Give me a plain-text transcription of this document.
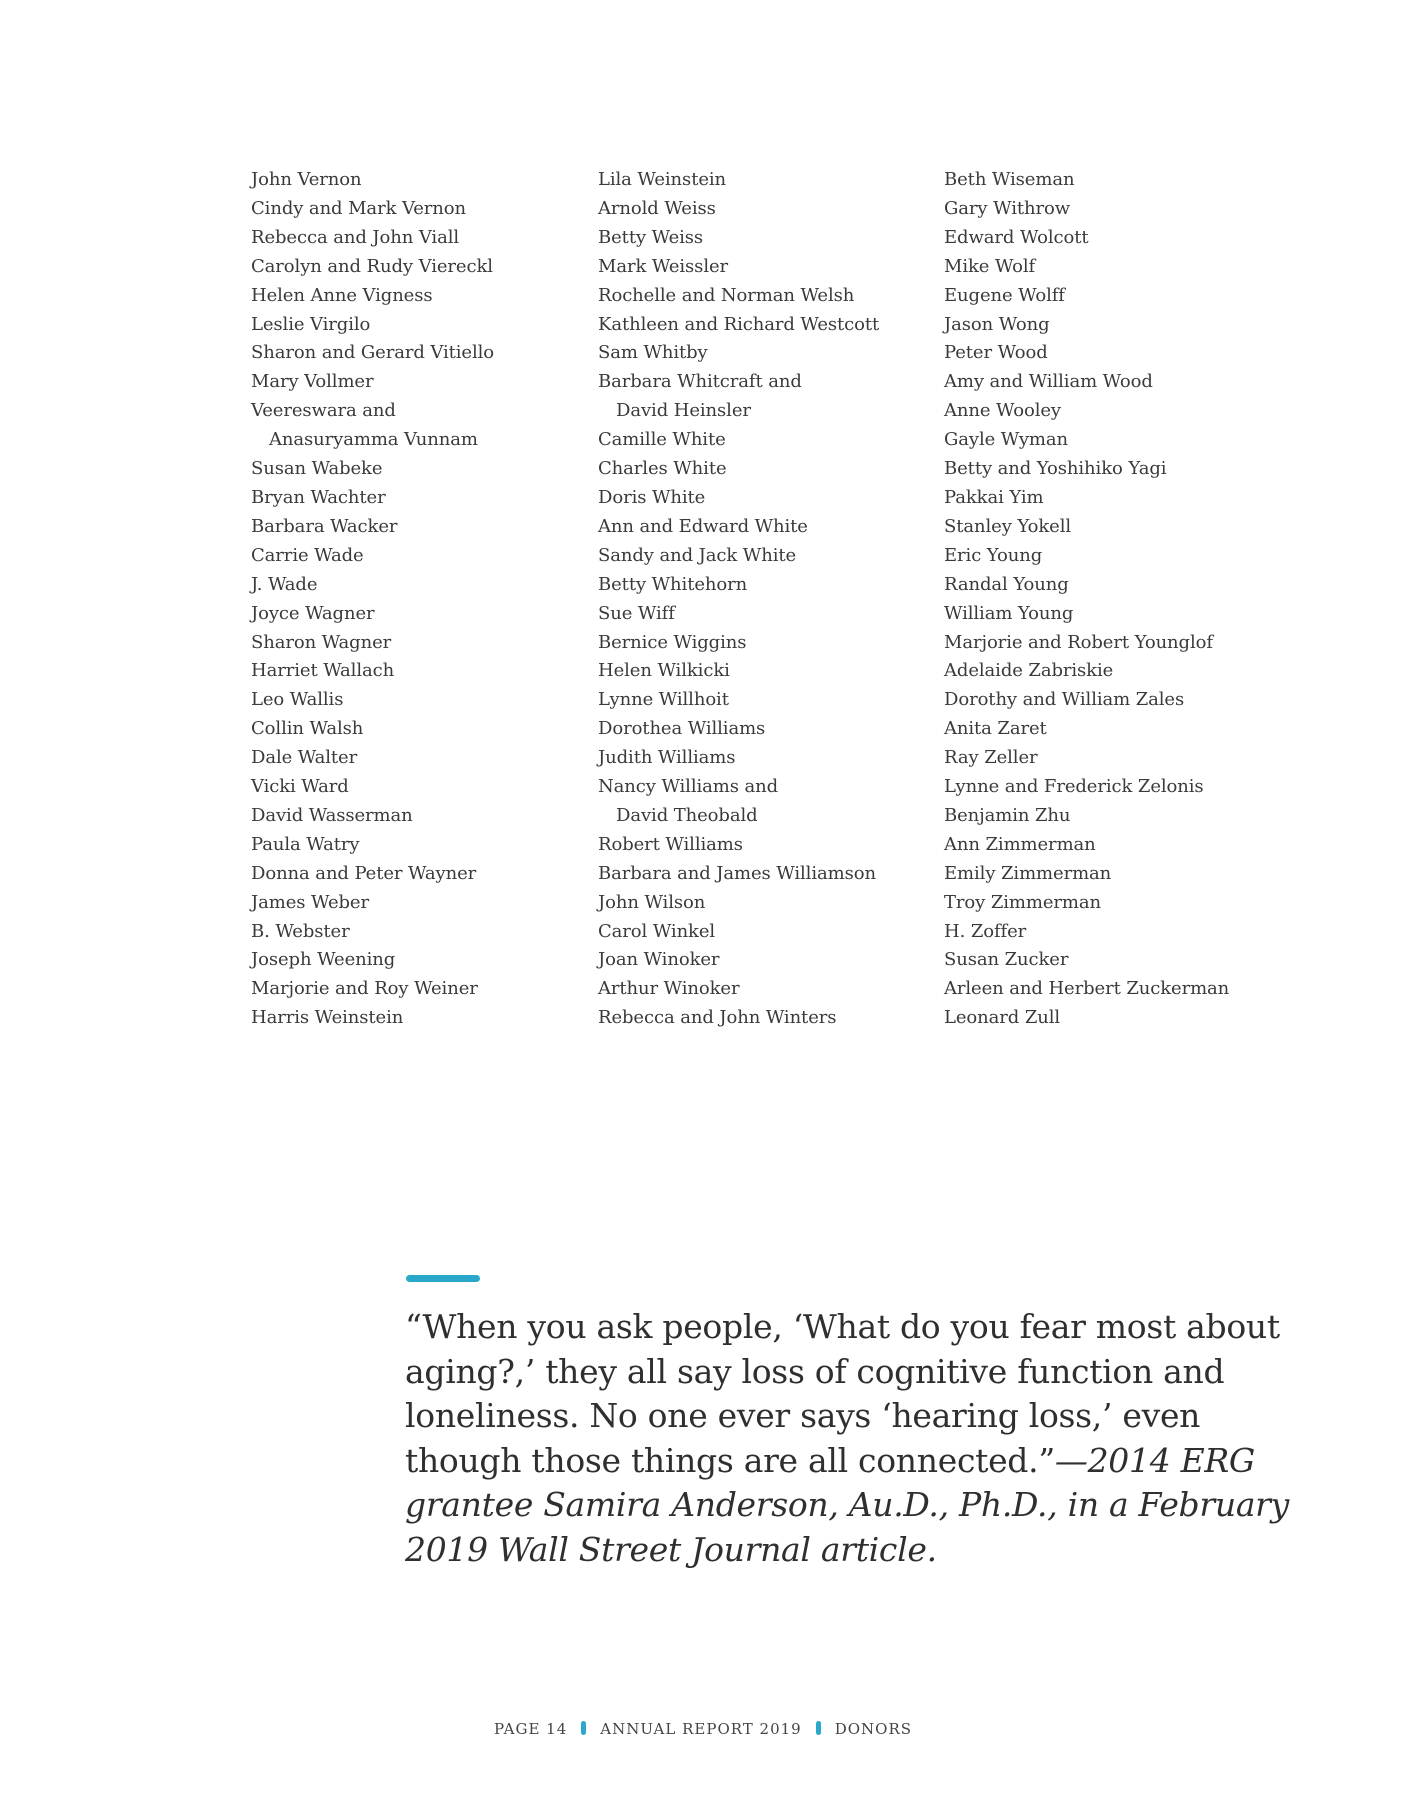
John Vernon
Cindy and Mark Vernon
Rebecca and John Viall
Carolyn and Rudy Viereckl
Helen Anne Vigness
Leslie Virgilo
Sharon and Gerard Vitiello
Mary Vollmer
Veereswara and
Anasuryamma Vunnam
Susan Wabeke
Bryan Wachter
Barbara Wacker
Carrie Wade
J. Wade
Joyce Wagner
Sharon Wagner
Harriet Wallach
Leo Wallis
Collin Walsh
Dale Walter
Vicki Ward
David Wasserman
Paula Watry
Donna and Peter Wayner
James Weber
B. Webster
Joseph Weening
Marjorie and Roy Weiner
Harris Weinstein
Lila Weinstein
Arnold Weiss
Betty Weiss
Mark Weissler
Rochelle and Norman Welsh
Kathleen and Richard Westcott
Sam Whitby
Barbara Whitcraft and
David Heinsler
Camille White
Charles White
Doris White
Ann and Edward White
Sandy and Jack White
Betty Whitehorn
Sue Wiff
Bernice Wiggins
Helen Wilkicki
Lynne Willhoit
Dorothea Williams
Judith Williams
Nancy Williams and
David Theobald
Robert Williams
Barbara and James Williamson
John Wilson
Carol Winkel
Joan Winoker
Arthur Winoker
Rebecca and John Winters
Beth Wiseman
Gary Withrow
Edward Wolcott
Mike Wolf
Eugene Wolff
Jason Wong
Peter Wood
Amy and William Wood
Anne Wooley
Gayle Wyman
Betty and Yoshihiko Yagi
Pakkai Yim
Stanley Yokell
Eric Young
Randal Young
William Young
Marjorie and Robert Younglof
Adelaide Zabriskie
Dorothy and William Zales
Anita Zaret
Ray Zeller
Lynne and Frederick Zelonis
Benjamin Zhu
Ann Zimmerman
Emily Zimmerman
Troy Zimmerman
H. Zoffer
Susan Zucker
Arleen and Herbert Zuckerman
Leonard Zull
“When you ask people, ‘What do you fear most about aging?,’ they all say loss of cognitive function and loneliness. No one ever says ‘hearing loss,’ even though those things are all connected.”—2014 ERG grantee Samira Anderson, Au.D., Ph.D., in a February 2019 Wall Street Journal article.
PAGE 14 ANNUAL REPORT 2019 DONORS
